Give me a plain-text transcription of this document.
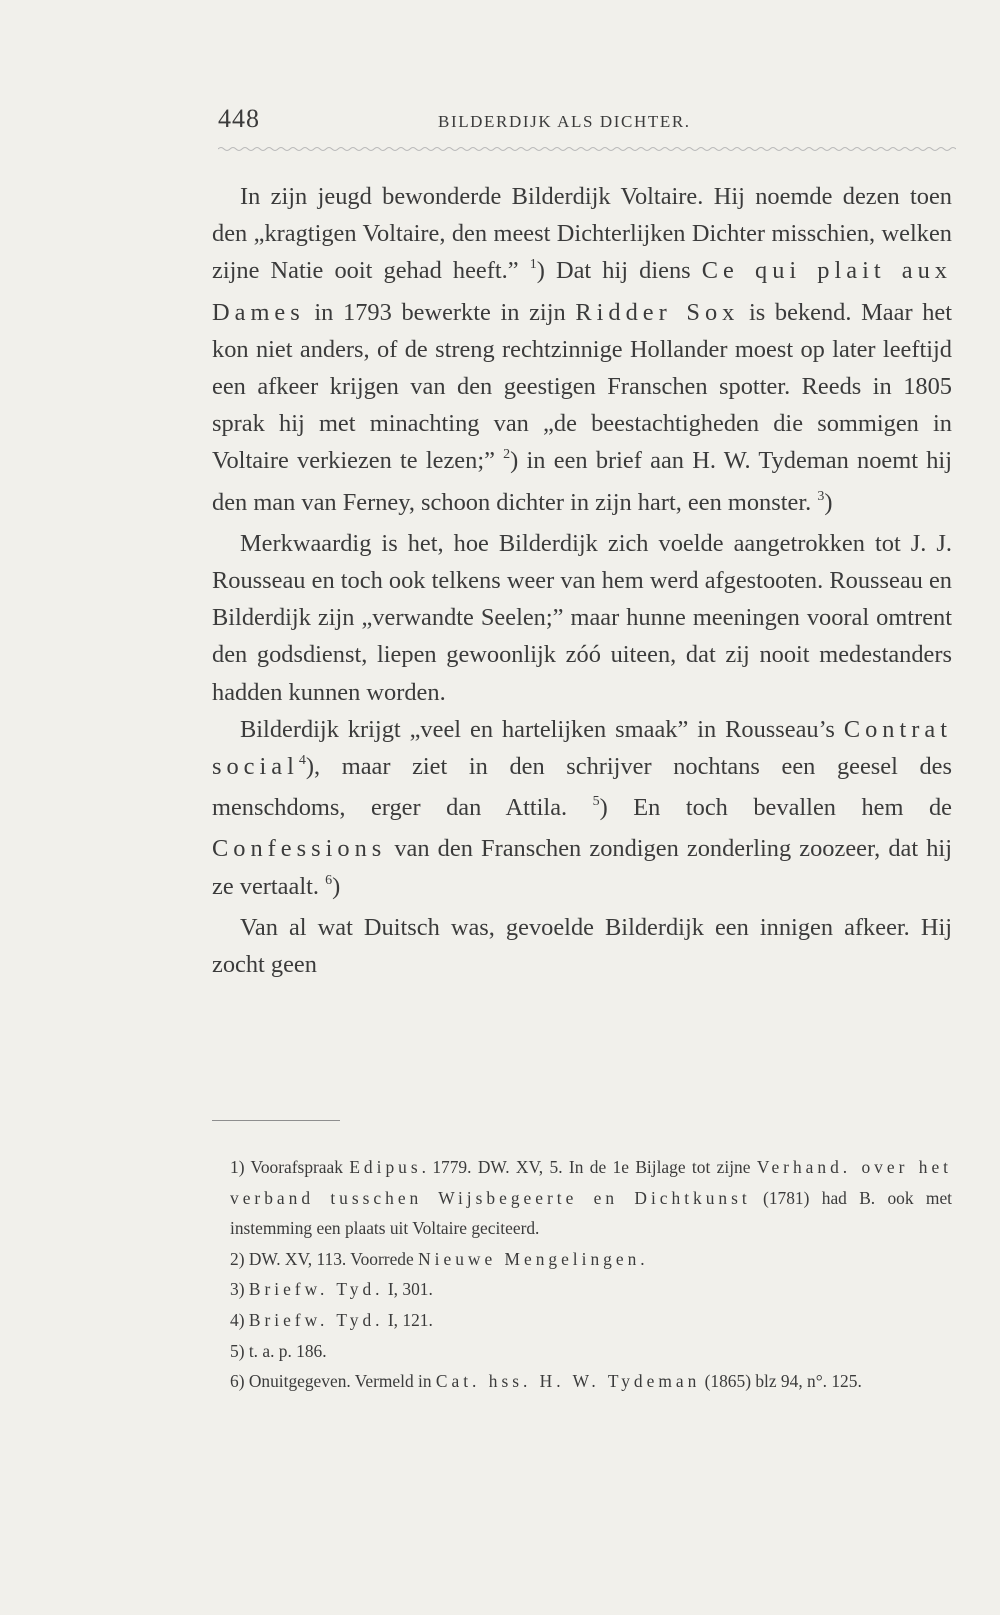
448	BILDERDIJK ALS DICHTER.

In zijn jeugd bewonderde Bilderdijk Voltaire. Hij noemde dezen toen den „kragtigen Voltaire, den meest Dichterlijken Dichter misschien, welken zijne Natie ooit gehad heeft.” $^1$) Dat hij diens Ce qui plait aux Dames in 1793 bewerkte in zijn Ridder Sox is bekend. Maar het kon niet anders, of de streng rechtzinnige Hollander moest op later leeftijd een afkeer krijgen van den geestigen Franschen spotter. Reeds in 1805 sprak hij met minachting van „de beestachtigheden die sommigen in Voltaire verkiezen te lezen;” $^2$) in een brief aan H. W. Tydeman noemt hij den man van Ferney, schoon dichter in zijn hart, een monster. $^3$)

Merkwaardig is het, hoe Bilderdijk zich voelde aangetrokken tot J. J. Rousseau en toch ook telkens weer van hem werd afgestooten. Rousseau en Bilderdijk zijn „verwandte Seelen;” maar hunne meeningen vooral omtrent den godsdienst, liepen gewoonlijk zóó uiteen, dat zij nooit medestanders hadden kunnen worden.

Bilderdijk krijgt „veel en hartelijken smaak” in Rousseau’s Contrat social$^4$), maar ziet in den schrijver nochtans een geesel des menschdoms, erger dan Attila. $^5$) En toch bevallen hem de Confessions van den Franschen zondigen zonderling zoozeer, dat hij ze vertaalt. $^6$)

Van al wat Duitsch was, gevoelde Bilderdijk een innigen afkeer. Hij zocht geen

1) Voorafspraak Edipus. 1779. DW. XV, 5. In de 1e Bijlage tot zijne Verhand. over het verband tusschen Wijsbegeerte en Dichtkunst (1781) had B. ook met instemming een plaats uit Voltaire geciteerd.

2) DW. XV, 113. Voorrede Nieuwe Mengelingen.

3) Briefw. Tyd. I, 301.

4) Briefw. Tyd. I, 121.

5) t. a. p. 186.

6) Onuitgegeven. Vermeld in Cat. hss. H. W. Tydeman (1865) blz 94, n°. 125.
